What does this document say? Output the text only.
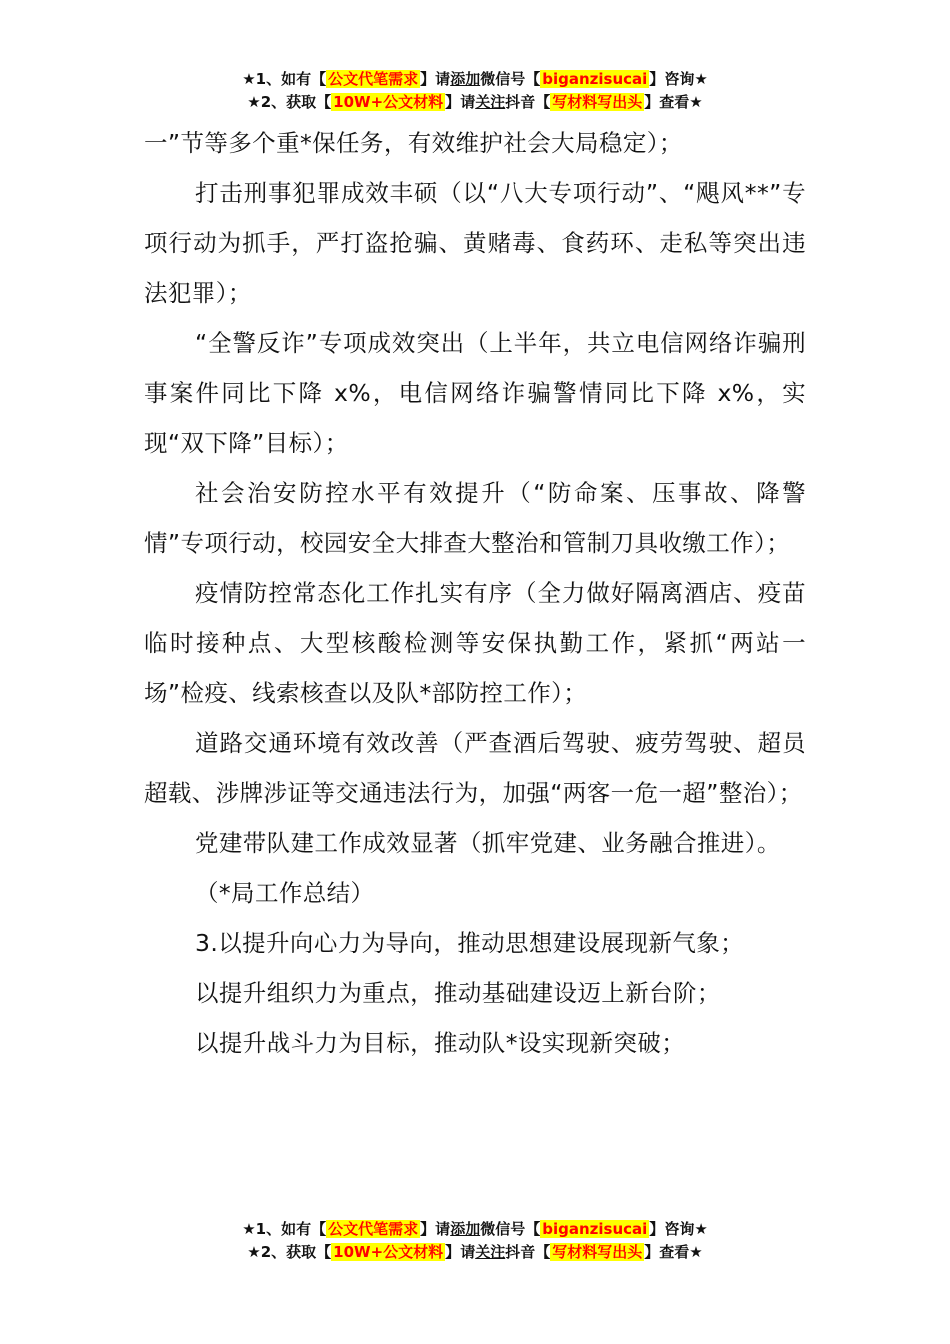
★1、如有【 公文代笔需求 】请添加微信号【 biganzisucai 】咨询★
★2、获取【 10W+公文材料 】请关注抖音【 写材料写出头 】查看★

一”节等多个重*保任务，有效维护社会大局稳定）；

打击刑事犯罪成效丰硕（以“八大专项行动”、“飓风**”专项行动为抓手，严打盗抢骗、黄赌毒、食药环、走私等突出违法犯罪）；

“全警反诈”专项成效突出（上半年，共立电信网络诈骗刑事案件同比下降 x%，电信网络诈骗警情同比下降 x%，实现“双下降”目标）；

社会治安防控水平有效提升（“防命案、压事故、降警情”专项行动，校园安全大排查大整治和管制刀具收缴工作）；

疫情防控常态化工作扎实有序（全力做好隔离酒店、疫苗临时接种点、大型核酸检测等安保执勤工作，紧抓“两站一场”检疫、线索核查以及队*部防控工作）；

道路交通环境有效改善（严查酒后驾驶、疲劳驾驶、超员超载、涉牌涉证等交通违法行为，加强“两客一危一超”整治）；

党建带队建工作成效显著（抓牢党建、业务融合推进）。

（*局工作总结）

3.以提升向心力为导向，推动思想建设展现新气象；

以提升组织力为重点，推动基础建设迈上新台阶；

以提升战斗力为目标，推动队*设实现新突破；

★1、如有【 公文代笔需求 】请添加微信号【 biganzisucai 】咨询★
★2、获取【 10W+公文材料 】请关注抖音【 写材料写出头 】查看★
